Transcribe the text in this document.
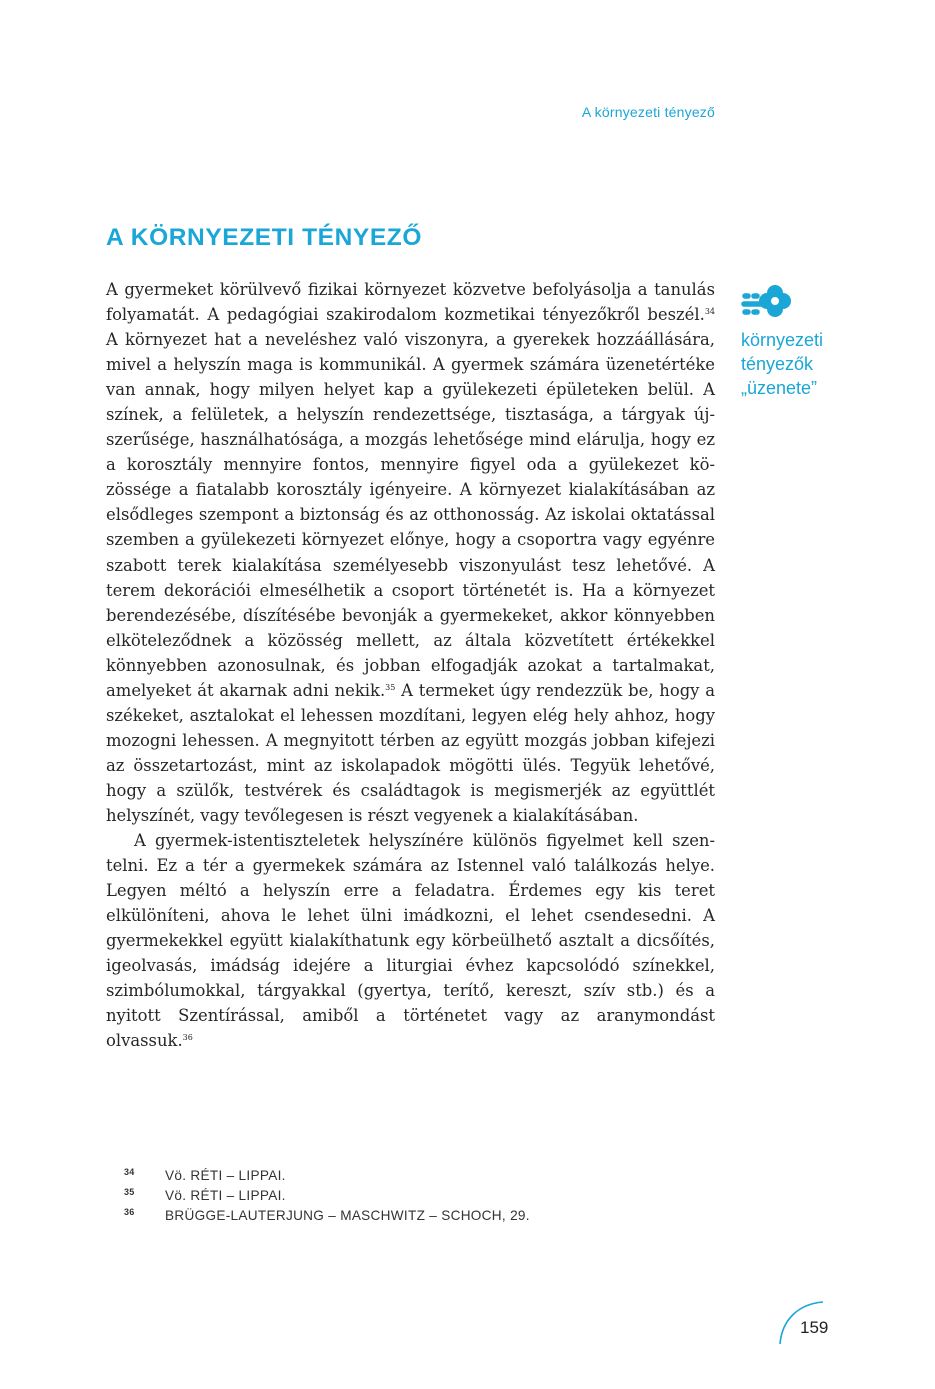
A környezeti tényező
A KÖRNYEZETI TÉNYEZŐ

A gyermeket körülvevő fizikai környezet közvetve befolyásolja a tanulás folyamatát. A pedagógiai szakirodalom kozmetikai tényezőkről beszél.$^{34}$ A környezet hat a neveléshez való viszonyra, a gyerekek hozzáállására, mivel a helyszín maga is kommunikál. A gyermek számára üzenetértéke van annak, hogy milyen helyet kap a gyülekezeti épületeken belül. A színek, a felületek, a helyszín rendezettsége, tisztasága, a tárgyak újszerűsége, használhatósága, a mozgás lehetősége mind elárulja, hogy ez a korosztály mennyire fontos, mennyire figyel oda a gyülekezet közössége a fiatalabb korosztály igényeire. A környezet kialakításában az elsődleges szempont a biztonság és az otthonosság. Az iskolai oktatással szemben a gyülekezeti környezet előnye, hogy a csoportra vagy egyénre szabott terek kialakítása személyesebb viszonyulást tesz lehetővé. A terem dekorációi elmesélhetik a csoport történetét is. Ha a környezet berendezésébe, díszítésébe bevonják a gyermekeket, akkor könnyebben elköteleződnek a közösség mellett, az általa közvetített értékekkel könnyebben azonosulnak, és jobban elfogadják azokat a tartalmakat, amelyeket át akarnak adni nekik.$^{35}$ A termeket úgy rendezzük be, hogy a székeket, asztalokat el lehessen mozdítani, legyen elég hely ahhoz, hogy mozogni lehessen. A megnyitott térben az együtt mozgás jobban kifejezi az összetartozást, mint az iskolapadok mögötti ülés. Tegyük lehetővé, hogy a szülők, testvérek és családtagok is megismerjék az együttlét helyszínét, vagy tevőlegesen is részt vegyenek a kialakításában.

A gyermek-istentiszteletek helyszínére különös figyelmet kell szentelni. Ez a tér a gyermekek számára az Istennel való találkozás helye. Legyen méltó a helyszín erre a feladatra. Érdemes egy kis teret elkülöníteni, ahova le lehet ülni imádkozni, el lehet csendesedni. A gyermekekkel együtt kialakíthatunk egy körbeülhető asztalt a dicsőítés, igeolvasás, imádság idejére a liturgiai évhez kapcsolódó színekkel, szimbólumokkal, tárgyakkal (gyertya, terítő, kereszt, szív stb.) és a nyitott Szentírással, amiből a történetet vagy az aranymondást olvassuk.$^{36}$

környezeti
tényezők
„üzenete”
34	Vö. RÉTI – LIPPAI.
35	Vö. RÉTI – LIPPAI.
36	BRÜGGE-LAUTERJUNG – MASCHWITZ – SCHOCH, 29.
159
